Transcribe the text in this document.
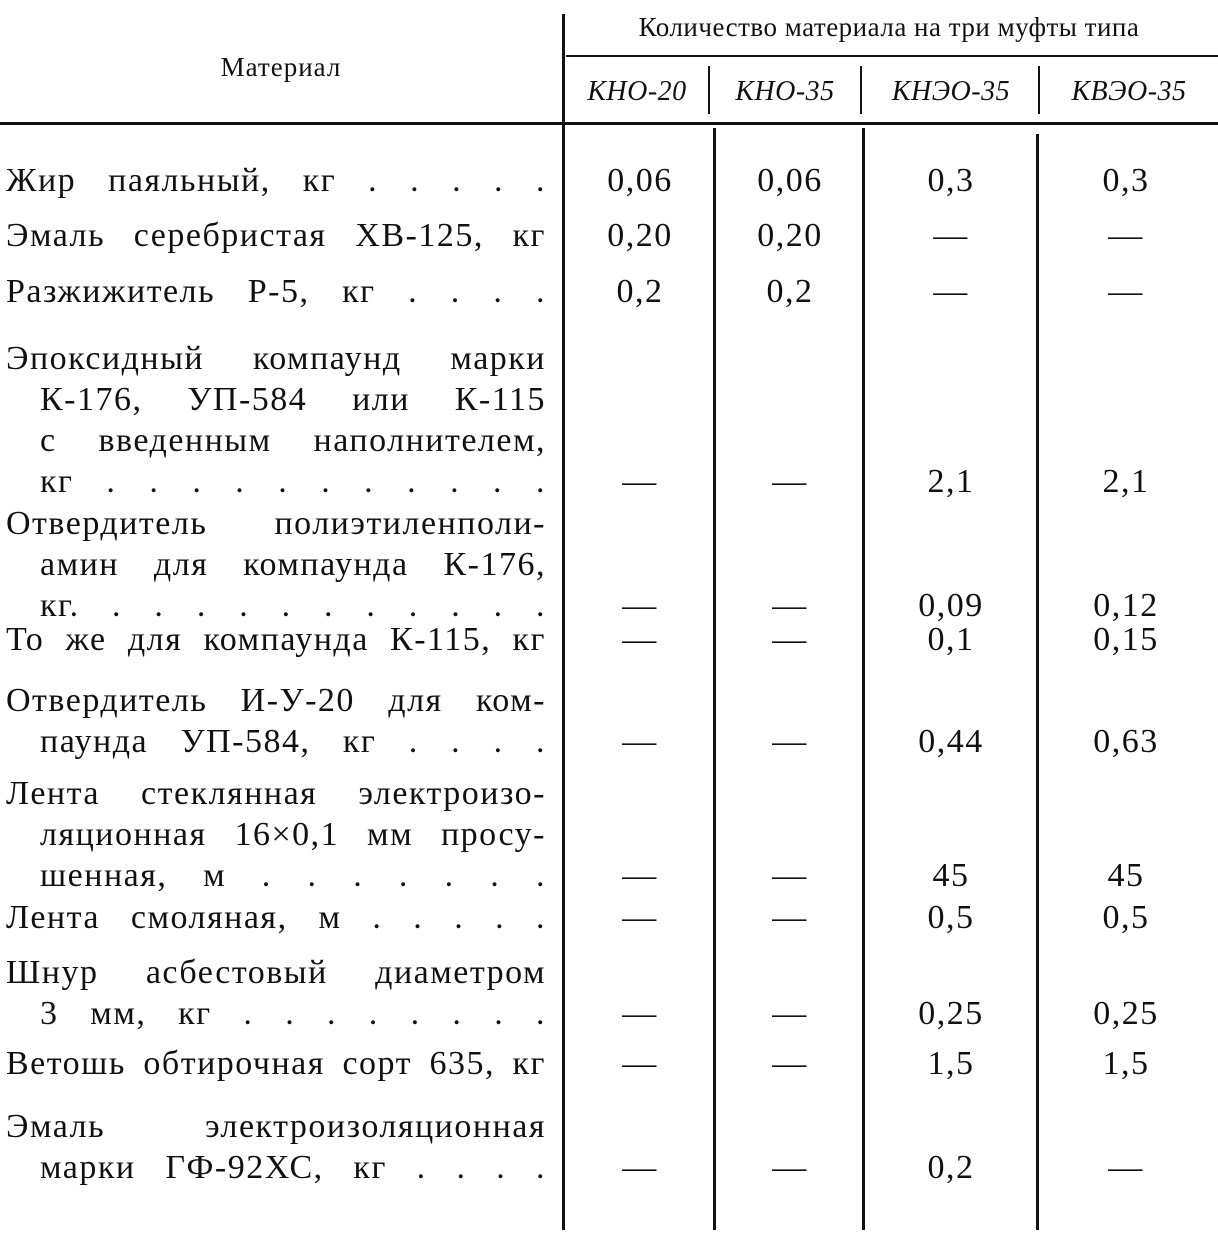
Материал
Количество материала на три муфты типа
КНО-20	КНО-35	КНЭО-35	КВЭО-35
Жир паяльный, кг . . . . .	0,06	0,06	0,3	0,3
Эмаль серебристая ХВ-125, кг	0,20	0,20	—	—
Разжижитель Р-5, кг . . . .	0,2	0,2	—	—
Эпоксидный компаунд марки
К-176, УП-584 или К-115
с введенным наполнителем,
кг . . . . . . . . . . .	—	—	2,1	2,1
Отвердитель полиэтиленполи-
амин для компаунда К-176,
кг. . . . . . . . . . . .	—	—	0,09	0,12
То же для компаунда К-115, кг	—	—	0,1	0,15
Отвердитель И-У-20 для ком-
паунда УП-584, кг . . . .	—	—	0,44	0,63
Лента стеклянная электроизо-
ляционная 16×0,1 мм просу-
шенная, м . . . . . . .	—	—	45	45
Лента смоляная, м . . . . .	—	—	0,5	0,5
Шнур асбестовый диаметром
3 мм, кг . . . . . . . .	—	—	0,25	0,25
Ветошь обтирочная сорт 635, кг	—	—	1,5	1,5
Эмаль электроизоляционная
марки ГФ-92ХС, кг . . . .	—	—	0,2	—
